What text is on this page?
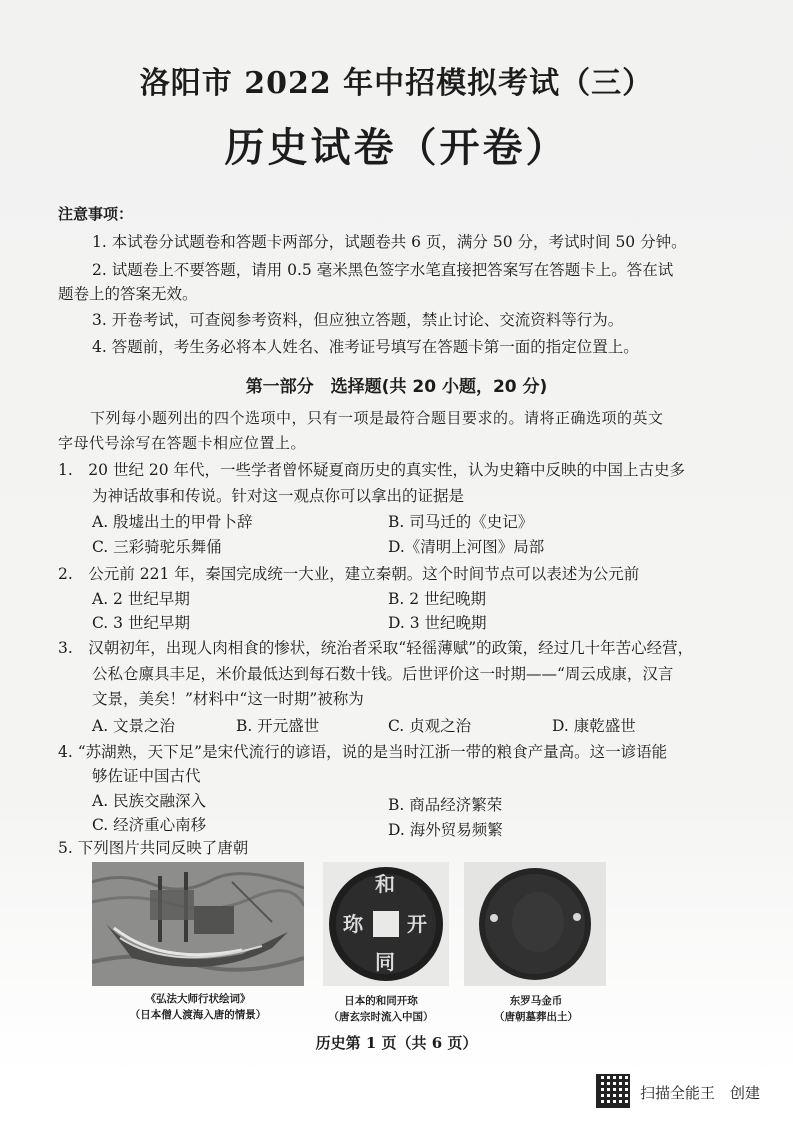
洛阳市 2022 年中招模拟考试（三）
历史试卷（开卷）
注意事项：
1. 本试卷分试题卷和答题卡两部分，试题卷共 6 页，满分 50 分，考试时间 50 分钟。
2. 试题卷上不要答题，请用 0.5 毫米黑色签字水笔直接把答案写在答题卡上。答在试
题卷上的答案无效。
3. 开卷考试，可查阅参考资料，但应独立答题，禁止讨论、交流资料等行为。
4. 答题前，考生务必将本人姓名、准考证号填写在答题卡第一面的指定位置上。
第一部分　选择题(共 20 小题，20 分)
下列每小题列出的四个选项中，只有一项是最符合题目要求的。请将正确选项的英文
字母代号涂写在答题卡相应位置上。
1.　20 世纪 20 年代，一些学者曾怀疑夏商历史的真实性，认为史籍中反映的中国上古史多
为神话故事和传说。针对这一观点你可以拿出的证据是
A. 殷墟出土的甲骨卜辞	B. 司马迁的《史记》
C. 三彩骑驼乐舞俑	D.《清明上河图》局部
2.　公元前 221 年，秦国完成统一大业，建立秦朝。这个时间节点可以表述为公元前
A. 2 世纪早期	B. 2 世纪晚期
C. 3 世纪早期	D. 3 世纪晚期
3.　汉朝初年，出现人肉相食的惨状，统治者采取“轻徭薄赋”的政策，经过几十年苦心经营，
公私仓廪具丰足，米价最低达到每石数十钱。后世评价这一时期——“周云成康，汉言
文景，美矣！”材料中“这一时期”被称为
A. 文景之治	B. 开元盛世	C. 贞观之治	D. 康乾盛世
4. “苏湖熟，天下足”是宋代流行的谚语，说的是当时江浙一带的粮食产量高。这一谚语能
够佐证中国古代
A. 民族交融深入	B. 商品经济繁荣
C. 经济重心南移	D. 海外贸易频繁
5. 下列图片共同反映了唐朝
和
同
开
珎
《弘法大师行状绘词》
（日本僧人渡海入唐的情景）
日本的和同开珎
（唐玄宗时流入中国）
东罗马金币
（唐朝墓葬出土）
历史第 1 页（共 6 页）
扫描全能王　创建
